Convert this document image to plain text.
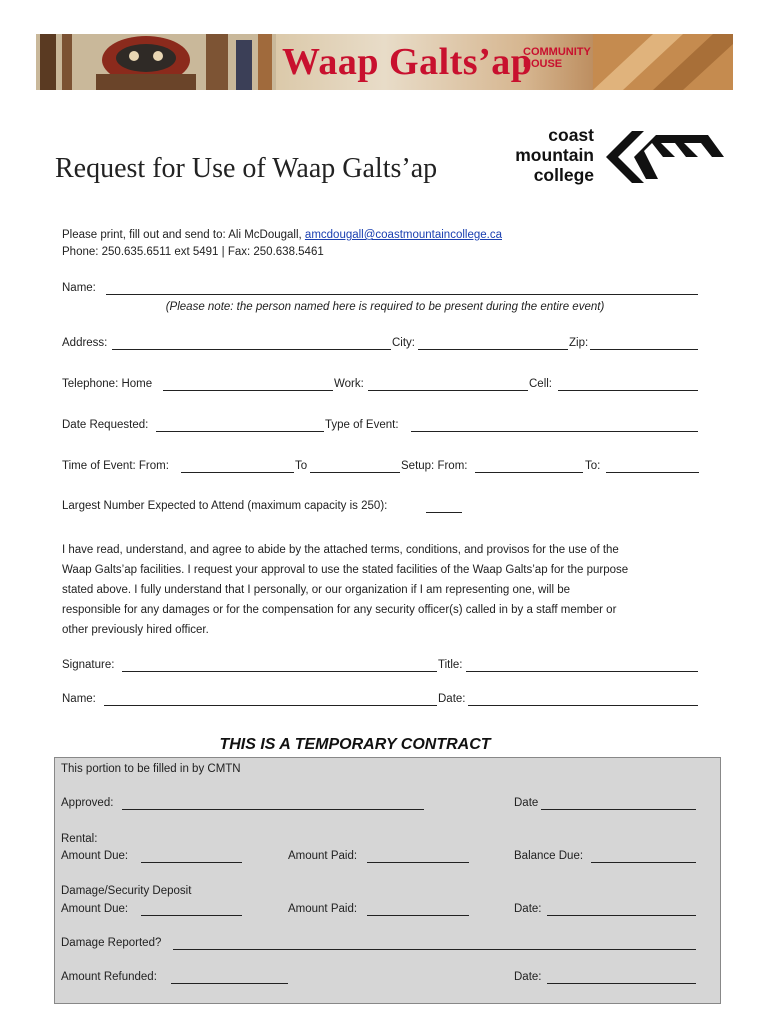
Waap Galts’ap
COMMUNITY
HOUSE
Request for Use of Waap Galts’ap
coast
mountain
college
Please print, fill out and send to: Ali McDougall, amcdougall@coastmountaincollege.ca
Phone: 250.635.6511 ext 5491 | Fax: 250.638.5461
Name:
(Please note: the person named here is required to be present during the entire event)
Address:	City:	Zip:
Telephone: Home	Work:	Cell:
Date Requested:	Type of Event:
Time of Event: From:	To	Setup: From:	To:
Largest Number Expected to Attend (maximum capacity is 250):

I have read, understand, and agree to abide by the attached terms, conditions, and provisos for the use of the

Waap Galts’ap facilities. I request your approval to use the stated facilities of the Waap Galts’ap for the purpose

stated above. I fully understand that I personally, or our organization if I am representing one, will be

responsible for any damages or for the compensation for any security officer(s) called in by a staff member or

other previously hired officer.

Signature:	Title:
Name:	Date:
THIS IS A TEMPORARY CONTRACT
This portion to be filled in by CMTN
Approved:	Date
Rental:
Amount Due:	Amount Paid:	Balance Due:
Damage/Security Deposit
Amount Due:	Amount Paid:	Date:
Damage Reported?
Amount Refunded:	Date:
